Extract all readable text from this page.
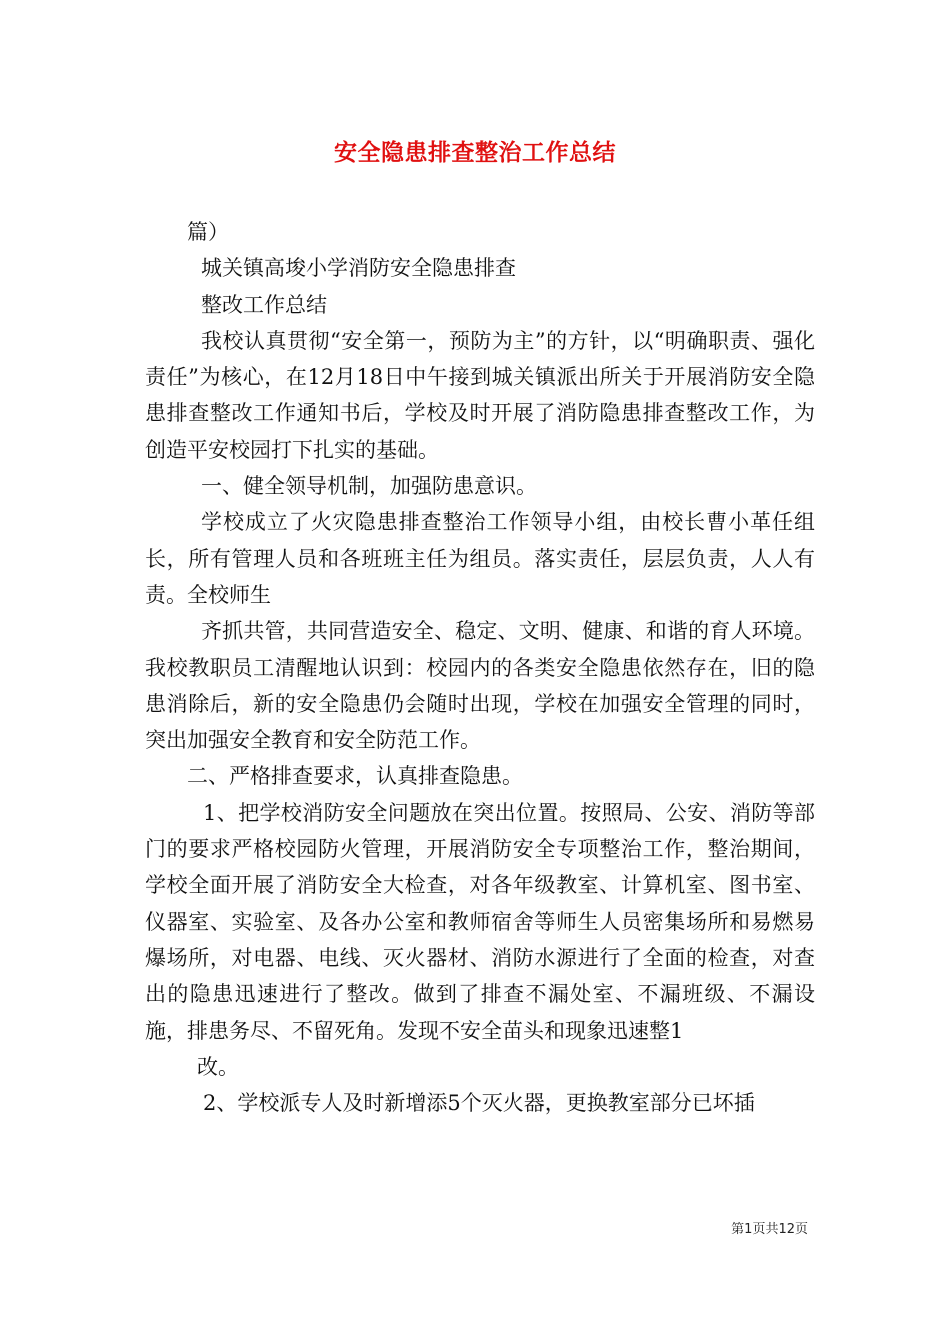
安全隐患排查整治工作总结

篇）

城关镇高埈小学消防安全隐患排查

整改工作总结

我校认真贯彻“安全第一，预防为主”的方针，以“明确职责、强化责任”为核心，在12月18日中午接到城关镇派出所关于开展消防安全隐患排查整改工作通知书后，学校及时开展了消防隐患排查整改工作，为创造平安校园打下扎实的基础。

一、健全领导机制，加强防患意识。

学校成立了火灾隐患排查整治工作领导小组，由校长曹小革任组长，所有管理人员和各班班主任为组员。落实责任，层层负责，人人有责。全校师生

齐抓共管，共同营造安全、稳定、文明、健康、和谐的育人环境。我校教职员工清醒地认识到：校园内的各类安全隐患依然存在，旧的隐患消除后，新的安全隐患仍会随时出现，学校在加强安全管理的同时，突出加强安全教育和安全防范工作。

二、严格排查要求，认真排查隐患。

1、把学校消防安全问题放在突出位置。按照局、公安、消防等部门的要求严格校园防火管理，开展消防安全专项整治工作，整治期间，学校全面开展了消防安全大检查，对各年级教室、计算机室、图书室、仪器室、实验室、及各办公室和教师宿舍等师生人员密集场所和易燃易爆场所，对电器、电线、灭火器材、消防水源进行了全面的检查，对查出的隐患迅速进行了整改。做到了排查不漏处室、不漏班级、不漏设施，排患务尽、不留死角。发现不安全苗头和现象迅速整1

改。

2、学校派专人及时新增添5个灭火器，更换教室部分已坏插

第1页共12页
